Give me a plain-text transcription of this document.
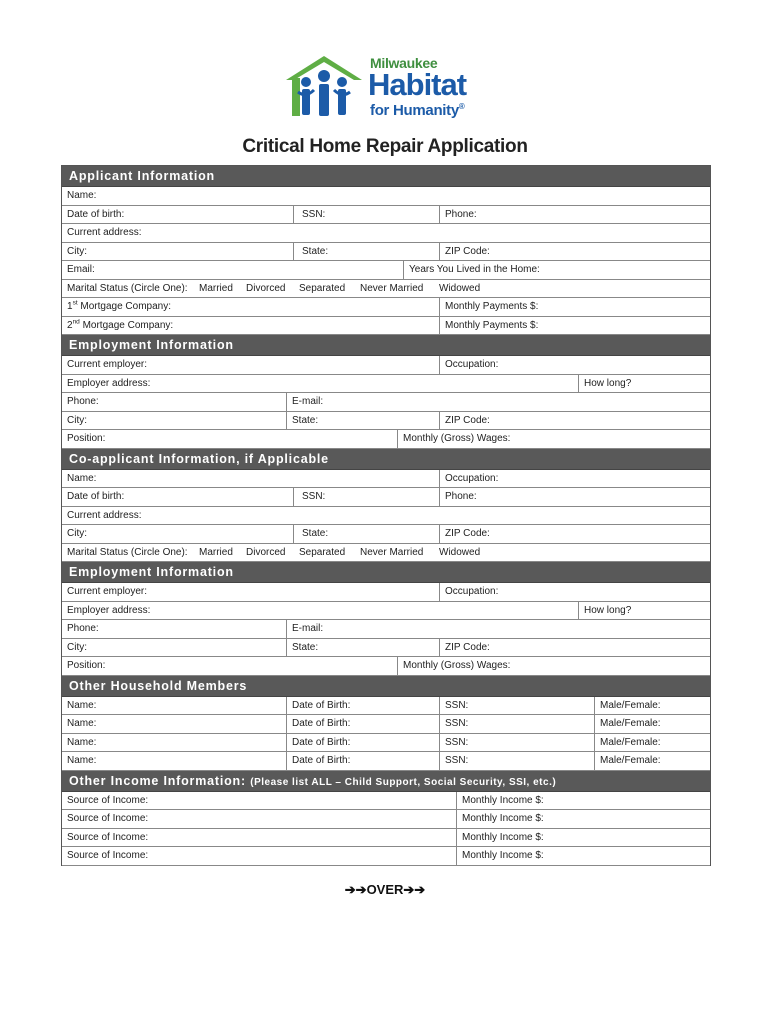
Milwaukee
Habitat
for Humanity®
Critical Home Repair Application
Applicant Information
Name:
Date of birth:	SSN:	Phone:
Current address:
City:	State:	ZIP Code:
Email:	Years You Lived in the Home:
Marital Status (Circle One): Married Divorced Separated Never Married Widowed
1st Mortgage Company:	Monthly Payments $:
2nd Mortgage Company:	Monthly Payments $:
Employment Information
Current employer:	Occupation:
Employer address:	How long?
Phone:	E-mail:
City:	State:	ZIP Code:
Position:	Monthly (Gross) Wages:
Co-applicant Information, if Applicable
Name:	Occupation:
Date of birth:	SSN:	Phone:
Current address:
City:	State:	ZIP Code:
Marital Status (Circle One): Married Divorced Separated Never Married Widowed
Employment Information
Current employer:	Occupation:
Employer address:	How long?
Phone:	E-mail:
City:	State:	ZIP Code:
Position:	Monthly (Gross) Wages:
Other Household Members
Name:	Date of Birth:	SSN:	Male/Female:
Name:	Date of Birth:	SSN:	Male/Female:
Name:	Date of Birth:	SSN:	Male/Female:
Name:	Date of Birth:	SSN:	Male/Female:
Other Income Information: (Please list ALL – Child Support, Social Security, SSI, etc.)
Source of Income:	Monthly Income $:
Source of Income:	Monthly Income $:
Source of Income:	Monthly Income $:
Source of Income:	Monthly Income $:
➔➔OVER➔➔
